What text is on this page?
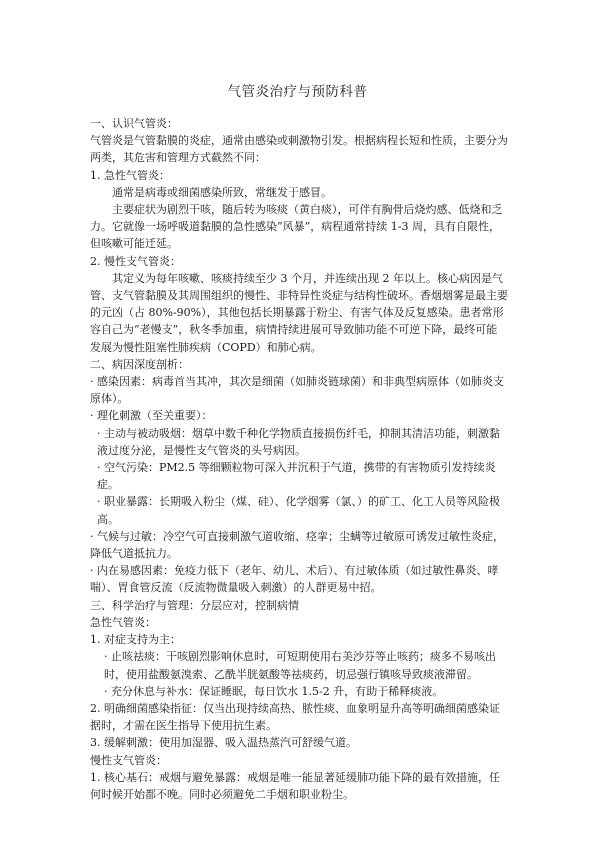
气管炎治疗与预防科普

一、认识气管炎：

气管炎是气管黏膜的炎症，通常由感染或刺激物引发。根据病程长短和性质，主要分为两类，其危害和管理方式截然不同：

1. 急性气管炎：

通常是病毒或细菌感染所致，常继发于感冒。

主要症状为剧烈干咳，随后转为咳痰（黄白痰），可伴有胸骨后烧灼感、低烧和乏力。它就像一场呼吸道黏膜的急性感染“风暴”，病程通常持续 1-3 周，具有自限性，但咳嗽可能迁延。

2. 慢性支气管炎：

其定义为每年咳嗽、咳痰持续至少 3 个月，并连续出现 2 年以上。核心病因是气管、支气管黏膜及其周围组织的慢性、非特异性炎症与结构性破坏。香烟烟雾是最主要的元凶（占 80%-90%），其他包括长期暴露于粉尘、有害气体及反复感染。患者常形容自己为“老慢支”，秋冬季加重，病情持续进展可导致肺功能不可逆下降，最终可能发展为慢性阻塞性肺疾病（COPD）和肺心病。

二、病因深度剖析：

· 感染因素：病毒首当其冲，其次是细菌（如肺炎链球菌）和非典型病原体（如肺炎支原体）。

· 理化刺激（至关重要）：

· 主动与被动吸烟：烟草中数千种化学物质直接损伤纤毛，抑制其清洁功能，刺激黏液过度分泌，是慢性支气管炎的头号病因。

· 空气污染：PM2.5 等细颗粒物可深入并沉积于气道，携带的有害物质引发持续炎症。

· 职业暴露：长期吸入粉尘（煤、硅）、化学烟雾（氯、）的矿工、化工人员等风险极高。

· 气候与过敏：冷空气可直接刺激气道收缩、痉挛；尘螨等过敏原可诱发过敏性炎症，降低气道抵抗力。

· 内在易感因素：免疫力低下（老年、幼儿、术后）、有过敏体质（如过敏性鼻炎、哮喘）、胃食管反流（反流物微量吸入刺激）的人群更易中招。

三、科学治疗与管理：分层应对，控制病情

急性气管炎：

1. 对症支持为主：

· 止咳祛痰：干咳剧烈影响休息时，可短期使用右美沙芬等止咳药；痰多不易咳出时，使用盐酸氨溴索、乙酰半胱氨酸等祛痰药，切忌强行镇咳导致痰液滞留。

· 充分休息与补水：保证睡眠，每日饮水 1.5-2 升，有助于稀释痰液。

2. 明确细菌感染指征：仅当出现持续高热、脓性痰、血象明显升高等明确细菌感染证据时，才需在医生指导下使用抗生素。

3. 缓解刺激：使用加湿器、吸入温热蒸汽可舒缓气道。

慢性支气管炎：

1. 核心基石：戒烟与避免暴露：戒烟是唯一能显著延缓肺功能下降的最有效措施，任何时候开始都不晚。同时必须避免二手烟和职业粉尘。
